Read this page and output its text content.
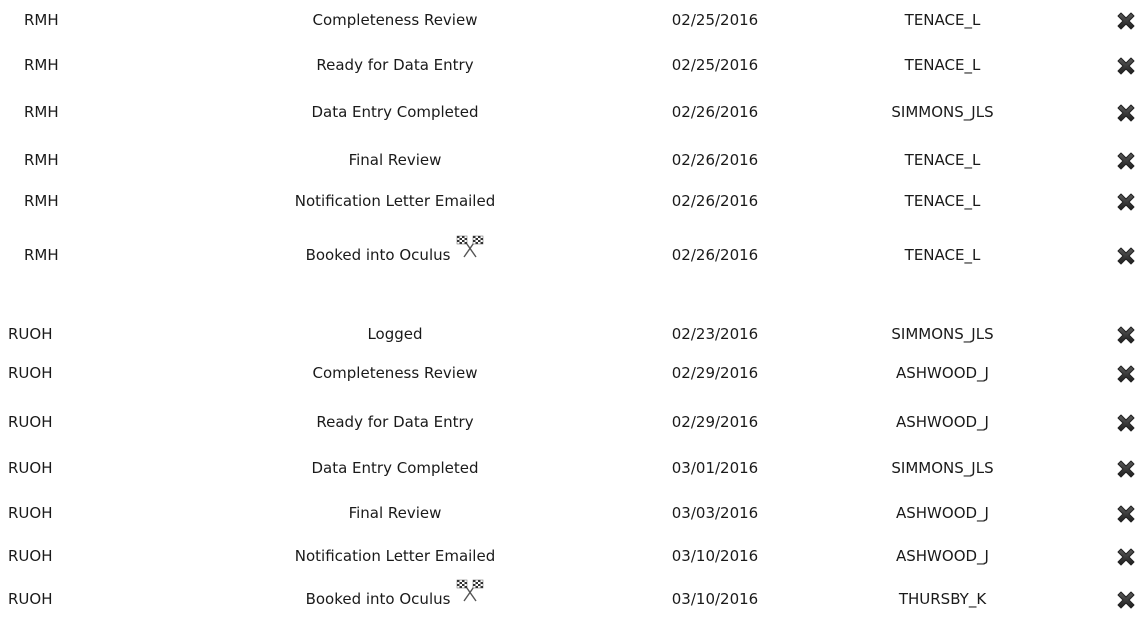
RMH	Completeness Review	02/25/2016	TENACE_L
RMH	Ready for Data Entry	02/25/2016	TENACE_L
RMH	Data Entry Completed	02/26/2016	SIMMONS_JLS
RMH	Final Review	02/26/2016	TENACE_L
RMH	Notification Letter Emailed	02/26/2016	TENACE_L
RMH	Booked into Oculus	02/26/2016	TENACE_L
RUOH	Logged	02/23/2016	SIMMONS_JLS
RUOH	Completeness Review	02/29/2016	ASHWOOD_J
RUOH	Ready for Data Entry	02/29/2016	ASHWOOD_J
RUOH	Data Entry Completed	03/01/2016	SIMMONS_JLS
RUOH	Final Review	03/03/2016	ASHWOOD_J
RUOH	Notification Letter Emailed	03/10/2016	ASHWOOD_J
RUOH	Booked into Oculus	03/10/2016	THURSBY_K
